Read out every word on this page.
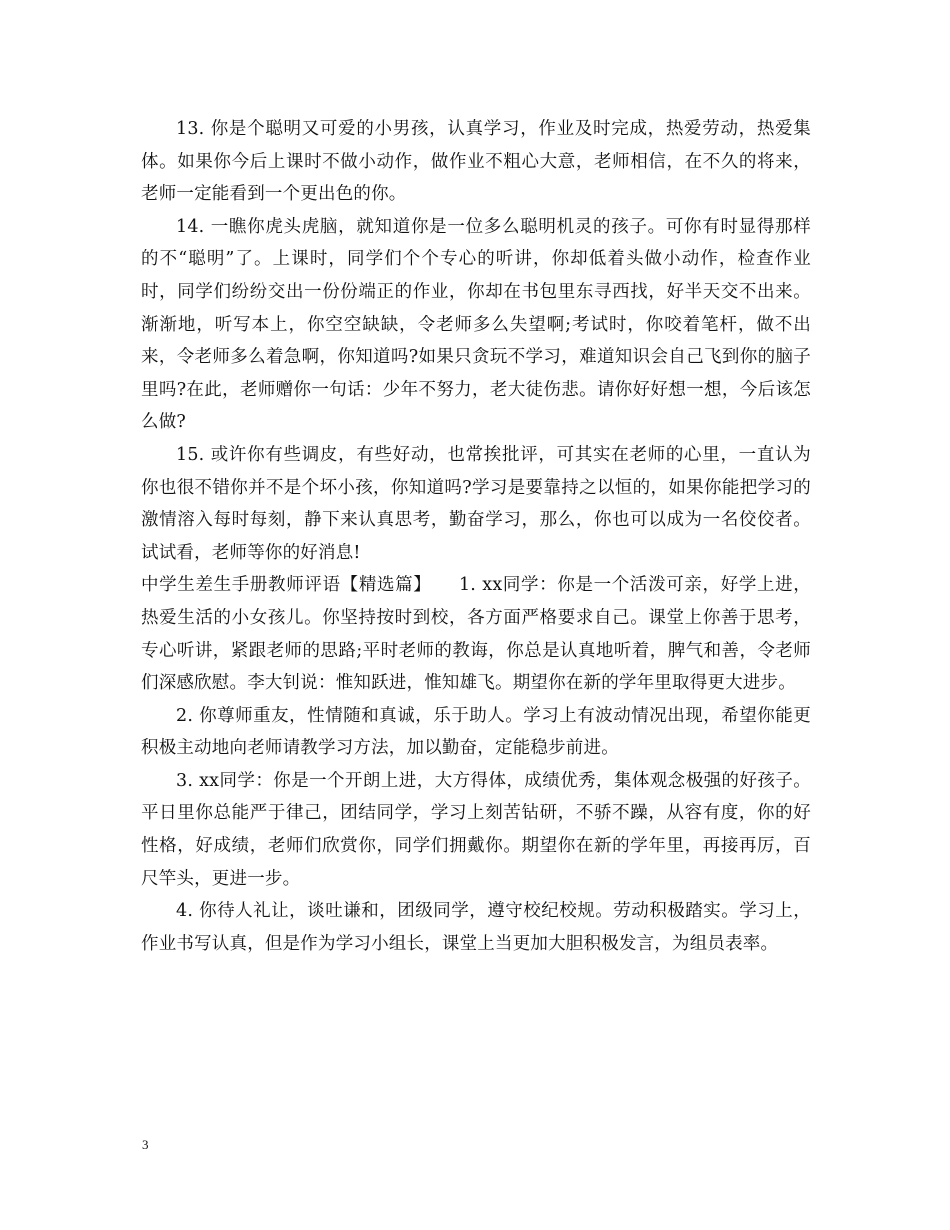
13. 你是个聪明又可爱的小男孩，认真学习，作业及时完成，热爱劳动，热爱集体。如果你今后上课时不做小动作，做作业不粗心大意，老师相信，在不久的将来，老师一定能看到一个更出色的你。

14. 一瞧你虎头虎脑，就知道你是一位多么聪明机灵的孩子。可你有时显得那样的不“聪明”了。上课时，同学们个个专心的听讲，你却低着头做小动作，检查作业时，同学们纷纷交出一份份端正的作业，你却在书包里东寻西找，好半天交不出来。渐渐地，听写本上，你空空缺缺，令老师多么失望啊;考试时，你咬着笔杆，做不出来，令老师多么着急啊，你知道吗?如果只贪玩不学习，难道知识会自己飞到你的脑子里吗?在此，老师赠你一句话：少年不努力，老大徒伤悲。请你好好想一想，今后该怎么做?

15. 或许你有些调皮，有些好动，也常挨批评，可其实在老师的心里，一直认为你也很不错你并不是个坏小孩，你知道吗?学习是要靠持之以恒的，如果你能把学习的激情溶入每时每刻，静下来认真思考，勤奋学习，那么，你也可以成为一名佼佼者。试试看，老师等你的好消息!

中学生差生手册教师评语【精选篇】　　1. xx同学：你是一个活泼可亲，好学上进，热爱生活的小女孩儿。你坚持按时到校，各方面严格要求自己。课堂上你善于思考，专心听讲，紧跟老师的思路;平时老师的教诲，你总是认真地听着，脾气和善，令老师们深感欣慰。李大钊说：惟知跃进，惟知雄飞。期望你在新的学年里取得更大进步。

2. 你尊师重友，性情随和真诚，乐于助人。学习上有波动情况出现，希望你能更积极主动地向老师请教学习方法，加以勤奋，定能稳步前进。

3. xx同学：你是一个开朗上进，大方得体，成绩优秀，集体观念极强的好孩子。平日里你总能严于律己，团结同学，学习上刻苦钻研，不骄不躁，从容有度，你的好性格，好成绩，老师们欣赏你，同学们拥戴你。期望你在新的学年里，再接再厉，百尺竿头，更进一步。

4. 你待人礼让，谈吐谦和，团级同学，遵守校纪校规。劳动积极踏实。学习上，作业书写认真，但是作为学习小组长，课堂上当更加大胆积极发言，为组员表率。

3
